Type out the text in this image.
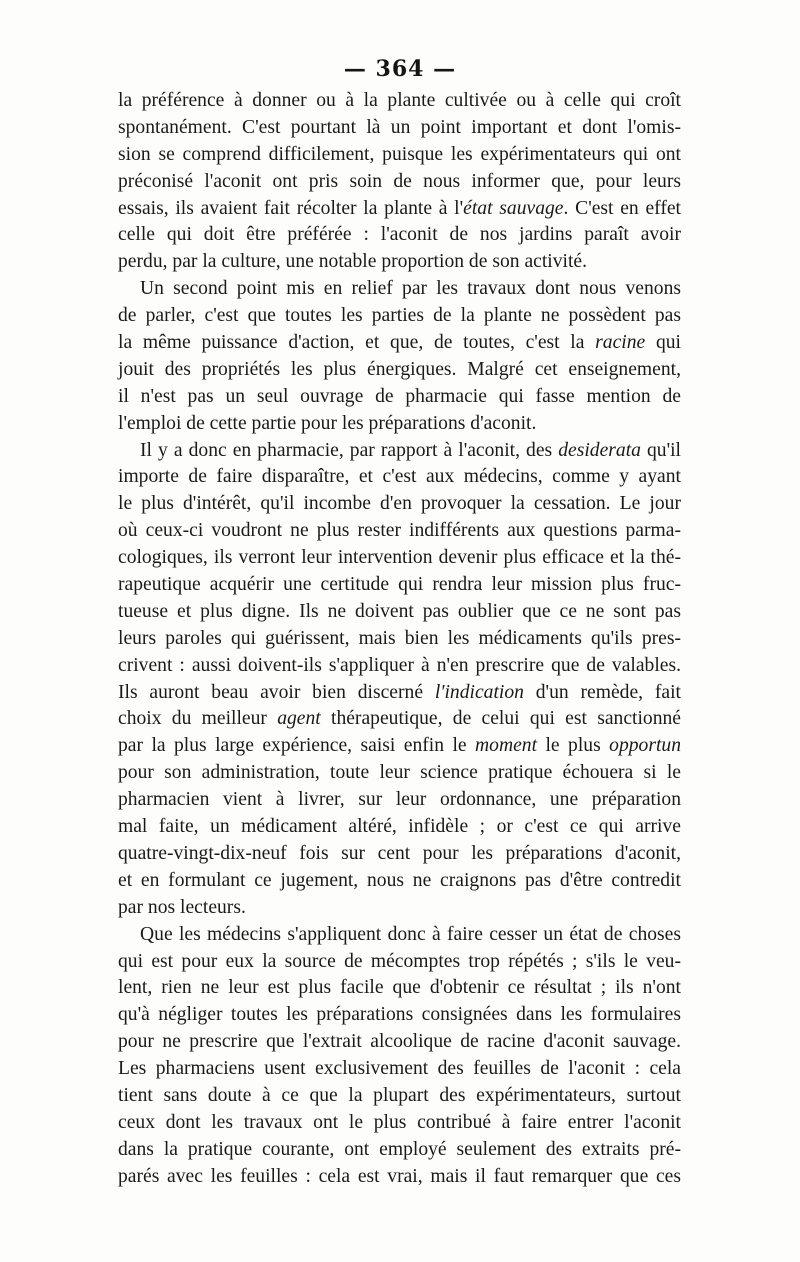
— 364 —
la préférence à donner ou à la plante cultivée ou à celle qui croît
spontanément. C'est pourtant là un point important et dont l'omis-
sion se comprend difficilement, puisque les expérimentateurs qui ont
préconisé l'aconit ont pris soin de nous informer que, pour leurs
essais, ils avaient fait récolter la plante à l'état sauvage. C'est en effet
celle qui doit être préférée : l'aconit de nos jardins paraît avoir
perdu, par la culture, une notable proportion de son activité.
Un second point mis en relief par les travaux dont nous venons
de parler, c'est que toutes les parties de la plante ne possèdent pas
la même puissance d'action, et que, de toutes, c'est la racine qui
jouit des propriétés les plus énergiques. Malgré cet enseignement,
il n'est pas un seul ouvrage de pharmacie qui fasse mention de
l'emploi de cette partie pour les préparations d'aconit.
Il y a donc en pharmacie, par rapport à l'aconit, des desiderata qu'il
importe de faire disparaître, et c'est aux médecins, comme y ayant
le plus d'intérêt, qu'il incombe d'en provoquer la cessation. Le jour
où ceux-ci voudront ne plus rester indifférents aux questions parma-
cologiques, ils verront leur intervention devenir plus efficace et la thé-
rapeutique acquérir une certitude qui rendra leur mission plus fruc-
tueuse et plus digne. Ils ne doivent pas oublier que ce ne sont pas
leurs paroles qui guérissent, mais bien les médicaments qu'ils pres-
crivent : aussi doivent-ils s'appliquer à n'en prescrire que de valables.
Ils auront beau avoir bien discerné l'indication d'un remède, fait
choix du meilleur agent thérapeutique, de celui qui est sanctionné
par la plus large expérience, saisi enfin le moment le plus opportun
pour son administration, toute leur science pratique échouera si le
pharmacien vient à livrer, sur leur ordonnance, une préparation
mal faite, un médicament altéré, infidèle ; or c'est ce qui arrive
quatre-vingt-dix-neuf fois sur cent pour les préparations d'aconit,
et en formulant ce jugement, nous ne craignons pas d'être contredit
par nos lecteurs.
Que les médecins s'appliquent donc à faire cesser un état de choses
qui est pour eux la source de mécomptes trop répétés ; s'ils le veu-
lent, rien ne leur est plus facile que d'obtenir ce résultat ; ils n'ont
qu'à négliger toutes les préparations consignées dans les formulaires
pour ne prescrire que l'extrait alcoolique de racine d'aconit sauvage.
Les pharmaciens usent exclusivement des feuilles de l'aconit : cela
tient sans doute à ce que la plupart des expérimentateurs, surtout
ceux dont les travaux ont le plus contribué à faire entrer l'aconit
dans la pratique courante, ont employé seulement des extraits pré-
parés avec les feuilles : cela est vrai, mais il faut remarquer que ces
